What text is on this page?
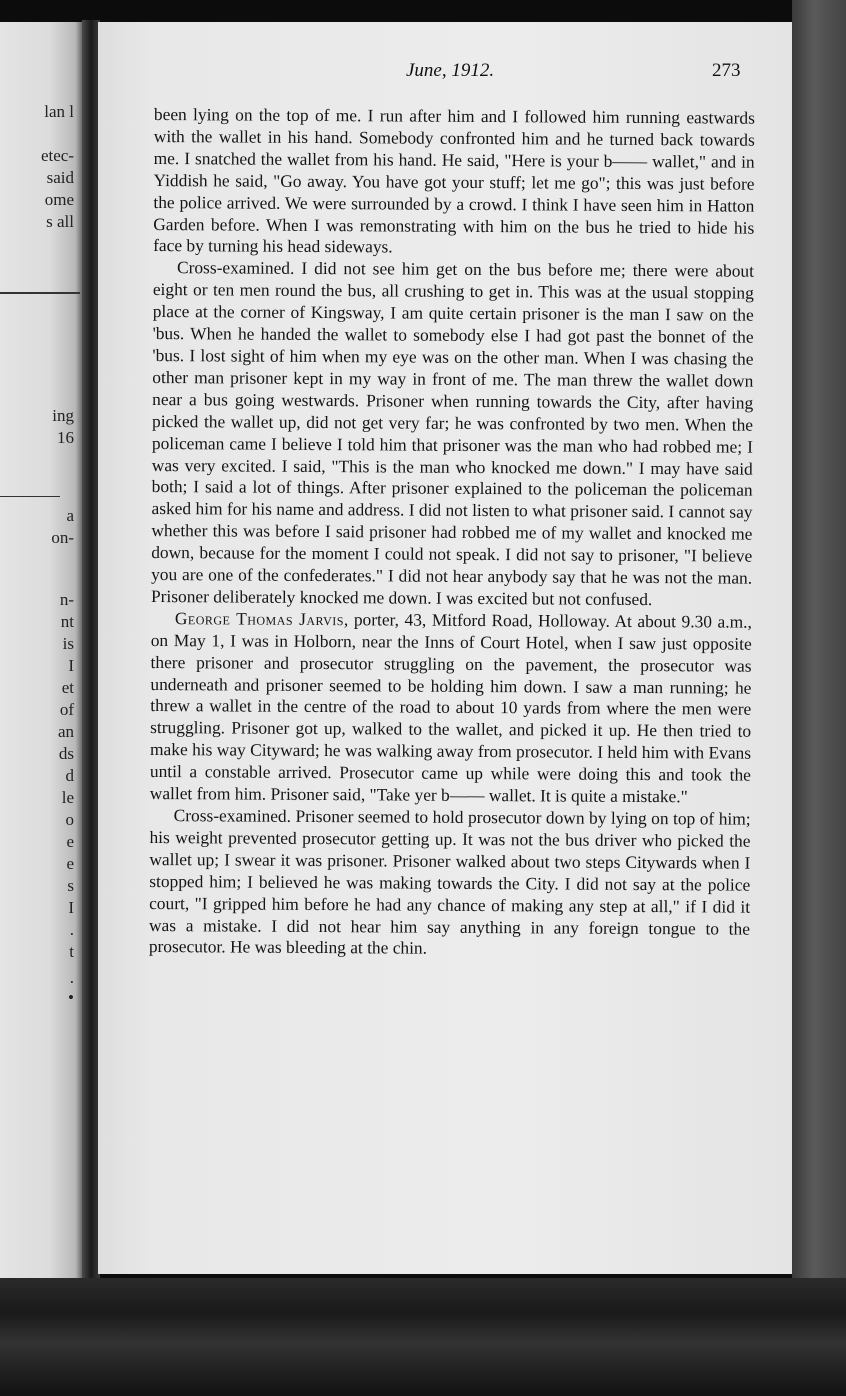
lan l
etec-
said
ome
s all
ing
16
a
on-
n-
nt
is
I
et
of
an
ds
d
le
o
e
e
s
I
.
t
.
•
June, 1912.	273

been lying on the top of me. I run after him and I followed him running eastwards with the wallet in his hand. Somebody confronted him and he turned back towards me. I snatched the wallet from his hand. He said, "Here is your b—— wallet," and in Yiddish he said, "Go away. You have got your stuff; let me go"; this was just before the police arrived. We were surrounded by a crowd. I think I have seen him in Hatton Garden before. When I was remonstrating with him on the bus he tried to hide his face by turning his head sideways.

Cross-examined. I did not see him get on the bus before me; there were about eight or ten men round the bus, all crushing to get in. This was at the usual stopping place at the corner of Kingsway, I am quite certain prisoner is the man I saw on the 'bus. When he handed the wallet to somebody else I had got past the bonnet of the 'bus. I lost sight of him when my eye was on the other man. When I was chasing the other man prisoner kept in my way in front of me. The man threw the wallet down near a bus going westwards. Prisoner when running towards the City, after having picked the wallet up, did not get very far; he was confronted by two men. When the policeman came I believe I told him that prisoner was the man who had robbed me; I was very excited. I said, "This is the man who knocked me down." I may have said both; I said a lot of things. After prisoner explained to the policeman the policeman asked him for his name and address. I did not listen to what prisoner said. I cannot say whether this was before I said prisoner had robbed me of my wallet and knocked me down, because for the moment I could not speak. I did not say to prisoner, "I believe you are one of the confederates." I did not hear anybody say that he was not the man. Prisoner deliberately knocked me down. I was excited but not confused.

George Thomas Jarvis, porter, 43, Mitford Road, Holloway. At about 9.30 a.m., on May 1, I was in Holborn, near the Inns of Court Hotel, when I saw just opposite there prisoner and prosecutor struggling on the pavement, the prosecutor was underneath and prisoner seemed to be holding him down. I saw a man running; he threw a wallet in the centre of the road to about 10 yards from where the men were struggling. Prisoner got up, walked to the wallet, and picked it up. He then tried to make his way Cityward; he was walking away from prosecutor. I held him with Evans until a constable arrived. Prosecutor came up while were doing this and took the wallet from him. Prisoner said, "Take yer b—— wallet. It is quite a mistake."

Cross-examined. Prisoner seemed to hold prosecutor down by lying on top of him; his weight prevented prosecutor getting up. It was not the bus driver who picked the wallet up; I swear it was prisoner. Prisoner walked about two steps Citywards when I stopped him; I believed he was making towards the City. I did not say at the police court, "I gripped him before he had any chance of making any step at all," if I did it was a mistake. I did not hear him say anything in any foreign tongue to the prosecutor. He was bleeding at the chin.
